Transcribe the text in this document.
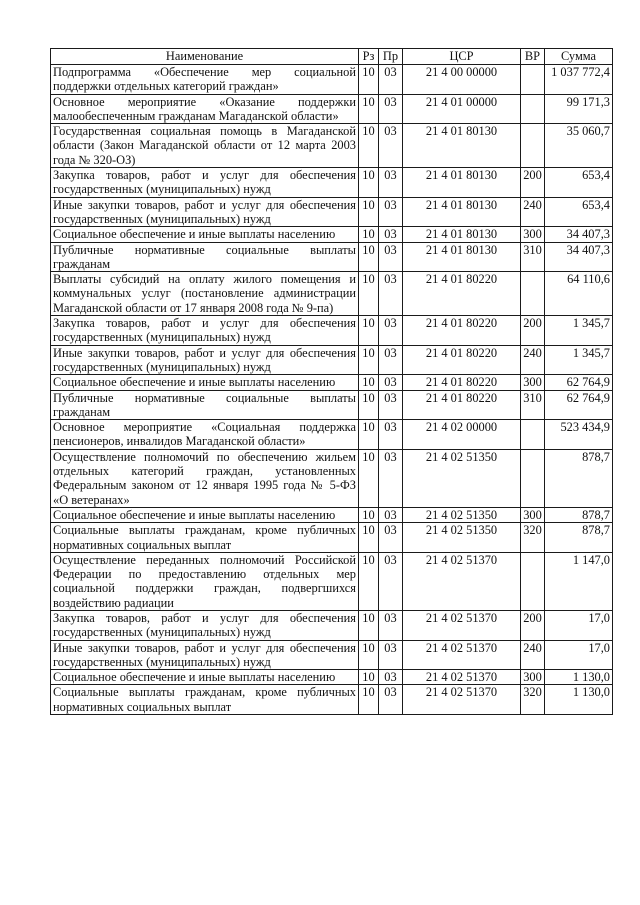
Наименование	Рз	Пр	ЦСР	ВР	Сумма
Подпрограмма «Обеспечение мер социальной поддержки отдельных категорий граждан»	10	03	21 4 00 00000		1 037 772,4
Основное мероприятие «Оказание поддержки малообеспеченным гражданам Магаданской области»	10	03	21 4 01 00000		99 171,3
Государственная социальная помощь в Магаданской области (Закон Магаданской области от 12 марта 2003 года № 320-ОЗ)	10	03	21 4 01 80130		35 060,7
Закупка товаров, работ и услуг для обеспечения государственных (муниципальных) нужд	10	03	21 4 01 80130	200	653,4
Иные закупки товаров, работ и услуг для обеспечения государственных (муниципальных) нужд	10	03	21 4 01 80130	240	653,4
Социальное обеспечение и иные выплаты населению	10	03	21 4 01 80130	300	34 407,3
Публичные нормативные социальные выплаты гражданам	10	03	21 4 01 80130	310	34 407,3
Выплаты субсидий на оплату жилого помещения и коммунальных услуг (постановление администрации Магаданской области от 17 января 2008 года № 9-па)	10	03	21 4 01 80220		64 110,6
Закупка товаров, работ и услуг для обеспечения государственных (муниципальных) нужд	10	03	21 4 01 80220	200	1 345,7
Иные закупки товаров, работ и услуг для обеспечения государственных (муниципальных) нужд	10	03	21 4 01 80220	240	1 345,7
Социальное обеспечение и иные выплаты населению	10	03	21 4 01 80220	300	62 764,9
Публичные нормативные социальные выплаты гражданам	10	03	21 4 01 80220	310	62 764,9
Основное мероприятие «Социальная поддержка пенсионеров, инвалидов Магаданской области»	10	03	21 4 02 00000		523 434,9
Осуществление полномочий по обеспечению жильем отдельных категорий граждан, установленных Федеральным законом от 12 января 1995 года № 5-ФЗ «О ветеранах»	10	03	21 4 02 51350		878,7
Социальное обеспечение и иные выплаты населению	10	03	21 4 02 51350	300	878,7
Социальные выплаты гражданам, кроме публичных нормативных социальных выплат	10	03	21 4 02 51350	320	878,7
Осуществление переданных полномочий Российской Федерации по предоставлению отдельных мер социальной поддержки граждан, подвергшихся воздействию радиации	10	03	21 4 02 51370		1 147,0
Закупка товаров, работ и услуг для обеспечения государственных (муниципальных) нужд	10	03	21 4 02 51370	200	17,0
Иные закупки товаров, работ и услуг для обеспечения государственных (муниципальных) нужд	10	03	21 4 02 51370	240	17,0
Социальное обеспечение и иные выплаты населению	10	03	21 4 02 51370	300	1 130,0
Социальные выплаты гражданам, кроме публичных нормативных социальных выплат	10	03	21 4 02 51370	320	1 130,0
